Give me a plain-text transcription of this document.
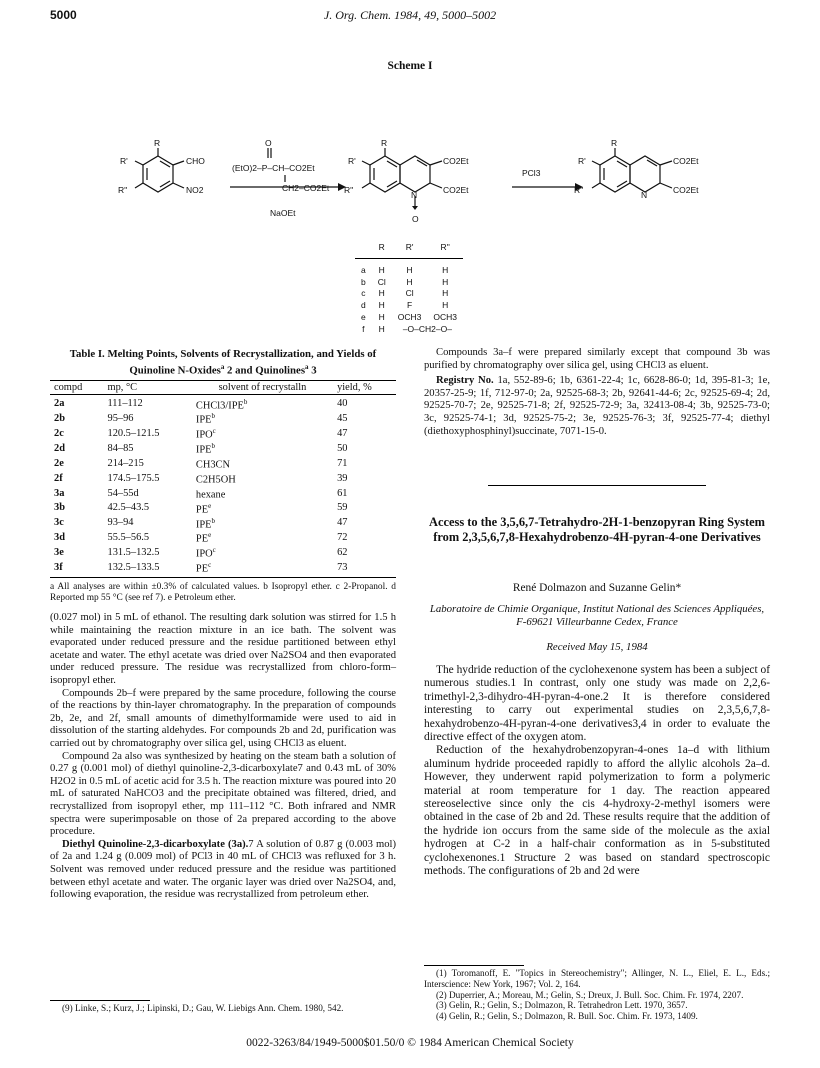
5000	J. Org. Chem. 1984, 49, 5000–5002
Scheme I
R
R'
R''
CHO
NO2
O
(EtO)2–P–CH–CO2Et
CH2–CO2Et
NaOEt
R
R'
R''
CO2Et
CO2Et
N
O
PCl3
R
R'
R''
CO2Et
CO2Et
N
	R	R'	R''
a	H	H	H
b	Cl	H	H
c	H	Cl	H
d	H	F	H
e	H	OCH3	OCH3
f	H	–O–CH2–O–	
Table I. Melting Points, Solvents of Recrystallization, and Yields of Quinoline N-Oxides$^a$ 2 and Quinolines$^a$ 3
compd	mp, °C	solvent of recrystalln	yield, %
2a	111–112	CHCl3/IPE$^b$	40
2b	95–96	IPE$^b$	45
2c	120.5–121.5	IPO$^c$	47
2d	84–85	IPE$^b$	50
2e	214–215	CH3CN	71
2f	174.5–175.5	C2H5OH	39
3a	54–55d	hexane	61
3b	42.5–43.5	$PE^e$	59
3c	93–94	IPE$^b$	47
3d	55.5–56.5	$PE^e$	72
3e	131.5–132.5	IPO$^c$	62
3f	132.5–133.5	$PE^c$	73
a All analyses are within ±0.3% of calculated values. b Isopropyl ether. c 2-Propanol. d Reported mp 55 °C (see ref 7). e Petroleum ether.

(0.027 mol) in 5 mL of ethanol. The resulting dark solution was stirred for 1.5 h while maintaining the reaction mixture in an ice bath. The solvent was evaporated under reduced pressure and the residue partitioned between ethyl acetate and water. The ethyl acetate was dried over Na2SO4 and then evaporated under reduced pressure. The residue was recrystallized from chloro-form–isopropyl ether.

Compounds 2b–f were prepared by the same procedure, following the course of the reactions by thin-layer chromatography. In the preparation of compounds 2b, 2e, and 2f, small amounts of dimethylformamide were used to aid in dissolution of the starting aldehydes. For compounds 2b and 2d, purification was carried out by chromatography over silica gel, using CHCl3 as eluent.

Compound 2a also was synthesized by heating on the steam bath a solution of 0.27 g (0.001 mol) of diethyl quinoline-2,3-dicarboxylate7 and 0.43 mL of 30% H2O2 in 0.5 mL of acetic acid for 3.5 h. The reaction mixture was poured into 20 mL of saturated NaHCO3 and the precipitate obtained was filtered, dried, and recrystallized from isopropyl ether, mp 111–112 °C. Both infrared and NMR spectra were superimposable on those of 2a prepared according to the above procedure.

Diethyl Quinoline-2,3-dicarboxylate (3a).7 A solution of 0.87 g (0.003 mol) of 2a and 1.24 g (0.009 mol) of PCl3 in 40 mL of CHCl3 was refluxed for 3 h. Solvent was removed under reduced pressure and the residue was partitioned between ethyl acetate and water. The organic layer was dried over Na2SO4, and, following evaporation, the residue was recrystallized from petroleum ether.

(9) Linke, S.; Kurz, J.; Lipinski, D.; Gau, W. Liebigs Ann. Chem. 1980, 542.

Compounds 3a–f were prepared similarly except that compound 3b was purified by chromatography over silica gel, using CHCl3 as eluent.

Registry No. 1a, 552-89-6; 1b, 6361-22-4; 1c, 6628-86-0; 1d, 395-81-3; 1e, 20357-25-9; 1f, 712-97-0; 2a, 92525-68-3; 2b, 92641-44-6; 2c, 92525-69-4; 2d, 92525-70-7; 2e, 92525-71-8; 2f, 92525-72-9; 3a, 32413-08-4; 3b, 92525-73-0; 3c, 92525-74-1; 3d, 92525-75-2; 3e, 92525-76-3; 3f, 92525-77-4; diethyl (diethoxyphosphinyl)succinate, 7071-15-0.

Access to the 3,5,6,7-Tetrahydro-2H-1-benzopyran Ring System from 2,3,5,6,7,8-Hexahydrobenzo-4H-pyran-4-one Derivatives
René Dolmazon and Suzanne Gelin*
Laboratoire de Chimie Organique, Institut National des Sciences Appliquées, F-69621 Villeurbanne Cedex, France
Received May 15, 1984

The hydride reduction of the cyclohexenone system has been a subject of numerous studies.1 In contrast, only one study was made on 2,2,6-trimethyl-2,3-dihydro-4H-pyran-4-one.2 It is therefore considered interesting to carry out experimental studies on 2,3,5,6,7,8-hexahydrobenzo-4H-pyran-4-one derivatives3,4 in order to evaluate the directive effect of the oxygen atom.

Reduction of the hexahydrobenzopyran-4-ones 1a–d with lithium aluminum hydride proceeded rapidly to afford the allylic alcohols 2a–d. However, they underwent rapid polymerization to form a polymeric material at room temperature for 1 day. The reaction appeared stereoselective since only the cis 4-hydroxy-2-methyl isomers were obtained in the case of 2b and 2d. These results require that the addition of the hydride ion occurs from the same side of the molecule as the axial hydrogen at C-2 in a half-chair conformation as in 5-substituted cyclohexenones.1 Structure 2 was based on standard spectroscopic methods. The configurations of 2b and 2d were

(1) Toromanoff, E. "Topics in Stereochemistry"; Allinger, N. L., Eliel, E. L., Eds.; Interscience: New York, 1967; Vol. 2, 164.

(2) Duperrier, A.; Moreau, M.; Gelin, S.; Dreux, J. Bull. Soc. Chim. Fr. 1974, 2207.

(3) Gelin, R.; Gelin, S.; Dolmazon, R. Tetrahedron Lett. 1970, 3657.

(4) Gelin, R.; Gelin, S.; Dolmazon, R. Bull. Soc. Chim. Fr. 1973, 1409.

0022-3263/84/1949-5000$01.50/0 © 1984 American Chemical Society
